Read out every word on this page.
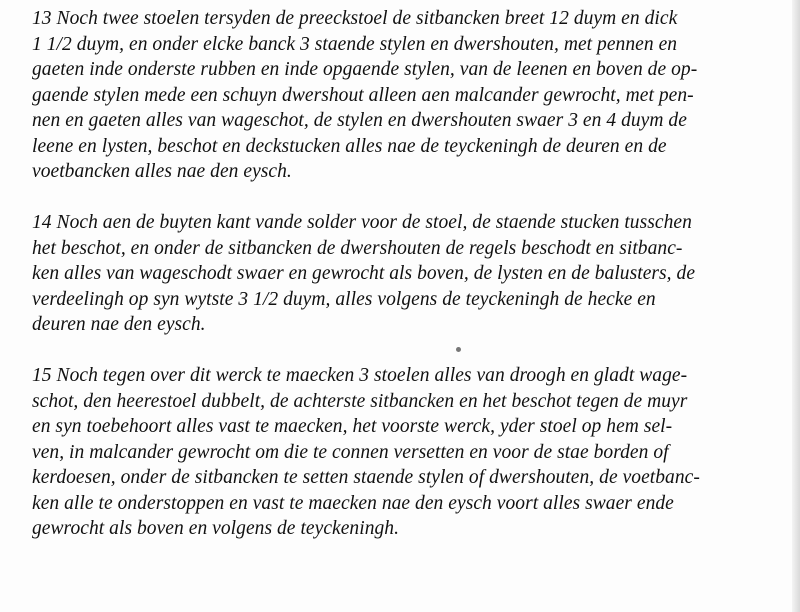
13 Noch twee stoelen tersyden de preeckstoel de sitbancken breet 12 duym en dick

1 1/2 duym, en onder elcke banck 3 staende stylen en dwershouten, met pennen en

gaeten inde onderste rubben en inde opgaende stylen, van de leenen en boven de op-

gaende stylen mede een schuyn dwershout alleen aen malcander gewrocht, met pen-

nen en gaeten alles van wageschot, de stylen en dwershouten swaer 3 en 4 duym de

leene en lysten, beschot en deckstucken alles nae de teyckeningh de deuren en de

voetbancken alles nae den eysch.

14 Noch aen de buyten kant vande solder voor de stoel, de staende stucken tusschen

het beschot, en onder de sitbancken de dwershouten de regels beschodt en sitbanc-

ken alles van wageschodt swaer en gewrocht als boven, de lysten en de balusters, de

verdeelingh op syn wytste 3 1/2 duym, alles volgens de teyckeningh de hecke en

deuren nae den eysch.

15 Noch tegen over dit werck te maecken 3 stoelen alles van droogh en gladt wage-

schot, den heerestoel dubbelt, de achterste sitbancken en het beschot tegen de muyr

en syn toebehoort alles vast te maecken, het voorste werck, yder stoel op hem sel-

ven, in malcander gewrocht om die te connen versetten en voor de stae borden of

kerdoesen, onder de sitbancken te setten staende stylen of dwershouten, de voetbanc-

ken alle te onderstoppen en vast te maecken nae den eysch voort alles swaer ende

gewrocht als boven en volgens de teyckeningh.
